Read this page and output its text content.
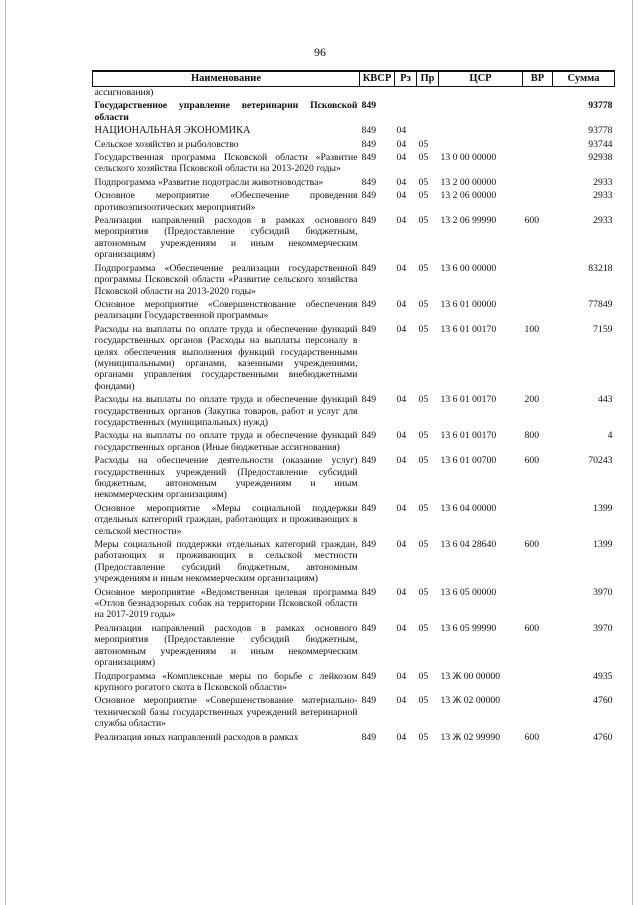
96
Наименование	КВСР	Рз	Пр	ЦСР	ВР	Сумма
ассигнования)						
Государственное управление ветеринарии Псковской области	849					93778
НАЦИОНАЛЬНАЯ ЭКОНОМИКА	849	04				93778
Сельское хозяйство и рыболовство	849	04	05			93744
Государственная программа Псковской области «Развитие сельского хозяйства Псковской области на 2013-2020 годы»	849	04	05	13 0 00 00000		92938
Подпрограмма «Развитие подотрасли животноводства»	849	04	05	13 2 00 00000		2933
Основное мероприятие «Обеспечение проведения противоэпизоотических мероприятий»	849	04	05	13 2 06 00000		2933
Реализация направлений расходов в рамках основного мероприятия (Предоставление субсидий бюджетным, автономным учреждениям и иным некоммерческим организациям)	849	04	05	13 2 06 99990	600	2933
Подпрограмма «Обеспечение реализации государственной программы Псковской области «Развитие сельского хозяйства Псковской области на 2013-2020 годы»	849	04	05	13 6 00 00000		83218
Основное мероприятие «Совершенствование обеспечения реализации Государственной программы»	849	04	05	13 6 01 00000		77849
Расходы на выплаты по оплате труда и обеспечение функций государственных органов (Расходы на выплаты персоналу в целях обеспечения выполнения функций государственными (муниципальными) органами, казенными учреждениями, органами управления государственными внебюджетными фондами)	849	04	05	13 6 01 00170	100	7159
Расходы на выплаты по оплате труда и обеспечение функций государственных органов (Закупка товаров, работ и услуг для государственных (муниципальных) нужд)	849	04	05	13 6 01 00170	200	443
Расходы на выплаты по оплате труда и обеспечение функций государственных органов (Иные бюджетные ассигнования)	849	04	05	13 6 01 00170	800	4
Расходы на обеспечение деятельности (оказание услуг) государственных учреждений (Предоставление субсидий бюджетным, автономным учреждениям и иным некоммерческим организациям)	849	04	05	13 6 01 00700	600	70243
Основное мероприятие «Меры социальной поддержки отдельных категорий граждан, работающих и проживающих в сельской местности»	849	04	05	13 6 04 00000		1399
Меры социальной поддержки отдельных категорий граждан, работающих и проживающих в сельской местности (Предоставление субсидий бюджетным, автономным учреждениям и иным некоммерческим организациям)	849	04	05	13 6 04 28640	600	1399
Основное мероприятие «Ведомственная целевая программа «Отлов безнадзорных собак на территории Псковской области на 2017-2019 годы»	849	04	05	13 6 05 00000		3970
Реализация направлений расходов в рамках основного мероприятия (Предоставление субсидий бюджетным, автономным учреждениям и иным некоммерческим организациям)	849	04	05	13 6 05 99990	600	3970
Подпрограмма «Комплексные меры по борьбе с лейкозом крупного рогатого скота в Псковской области»	849	04	05	13 Ж 00 00000		4935
Основное мероприятие «Совершенствование материально-технической базы государственных учреждений ветеринарной службы области»	849	04	05	13 Ж 02 00000		4760
Реализация иных направлений расходов в рамках	849	04	05	13 Ж 02 99990	600	4760
